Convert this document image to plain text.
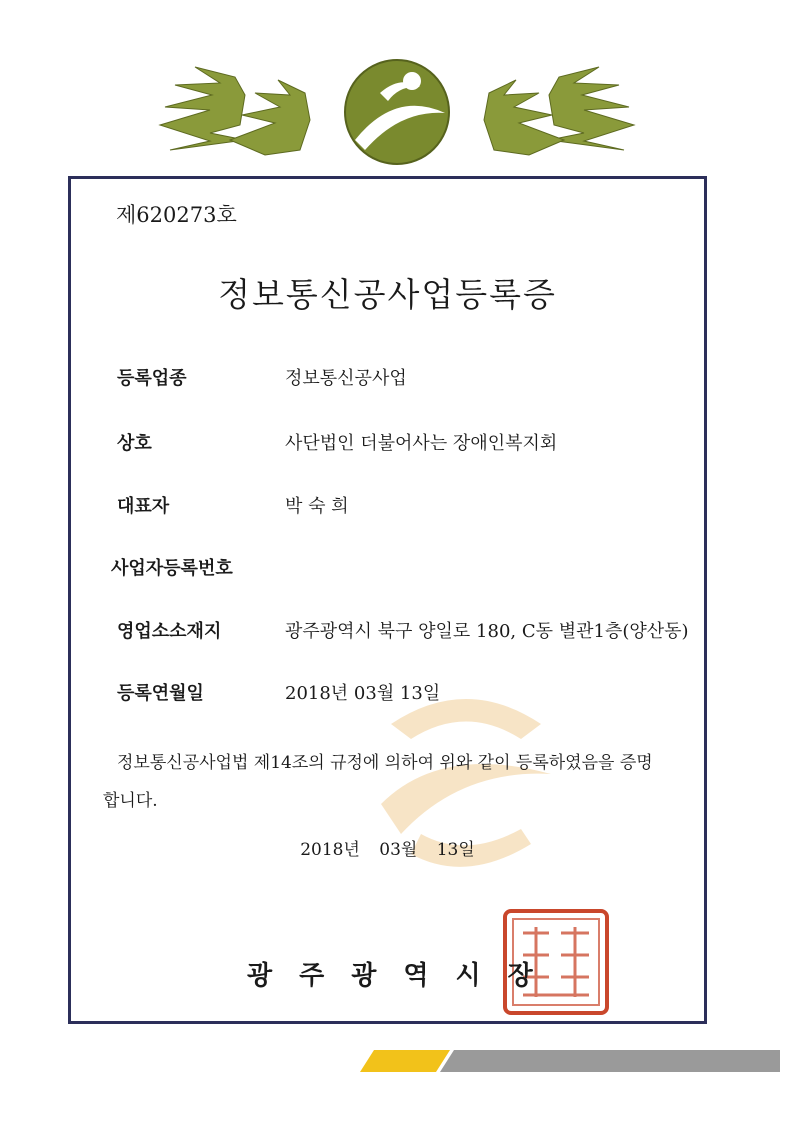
제620273호
정보통신공사업등록증
등록업종	정보통신공사업
상호	사단법인 더불어사는 장애인복지회
대표자	박 숙 희
사업자등록번호
영업소소재지	광주광역시 북구 양일로 180, C동 별관1층(양산동)
등록연월일	2018년 03월 13일
정보통신공사업법 제14조의 규정에 의하여 위와 같이 등록하였음을 증명합니다.
2018년 03월 13일
광주광역시장
